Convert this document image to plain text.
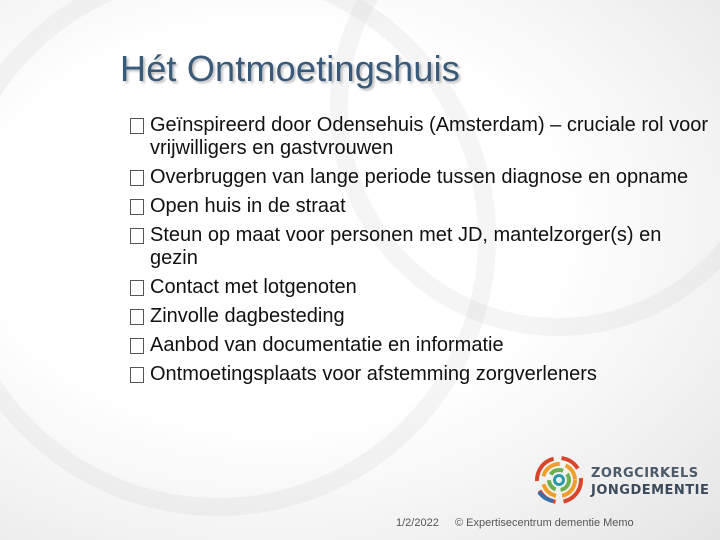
Hét Ontmoetingshuis
Geïnspireerd door Odensehuis (Amsterdam) – cruciale rol voor vrijwilligers en gastvrouwen
Overbruggen van lange periode tussen diagnose en opname
Open huis in de straat
Steun op maat voor personen met JD, mantelzorger(s) en gezin
Contact met lotgenoten
Zinvolle dagbesteding
Aanbod van documentatie en informatie
Ontmoetingsplaats voor afstemming zorgverleners
ZORGCIRKELS
JONGDEMENTIE
1/2/2022 © Expertisecentrum dementie Memo
